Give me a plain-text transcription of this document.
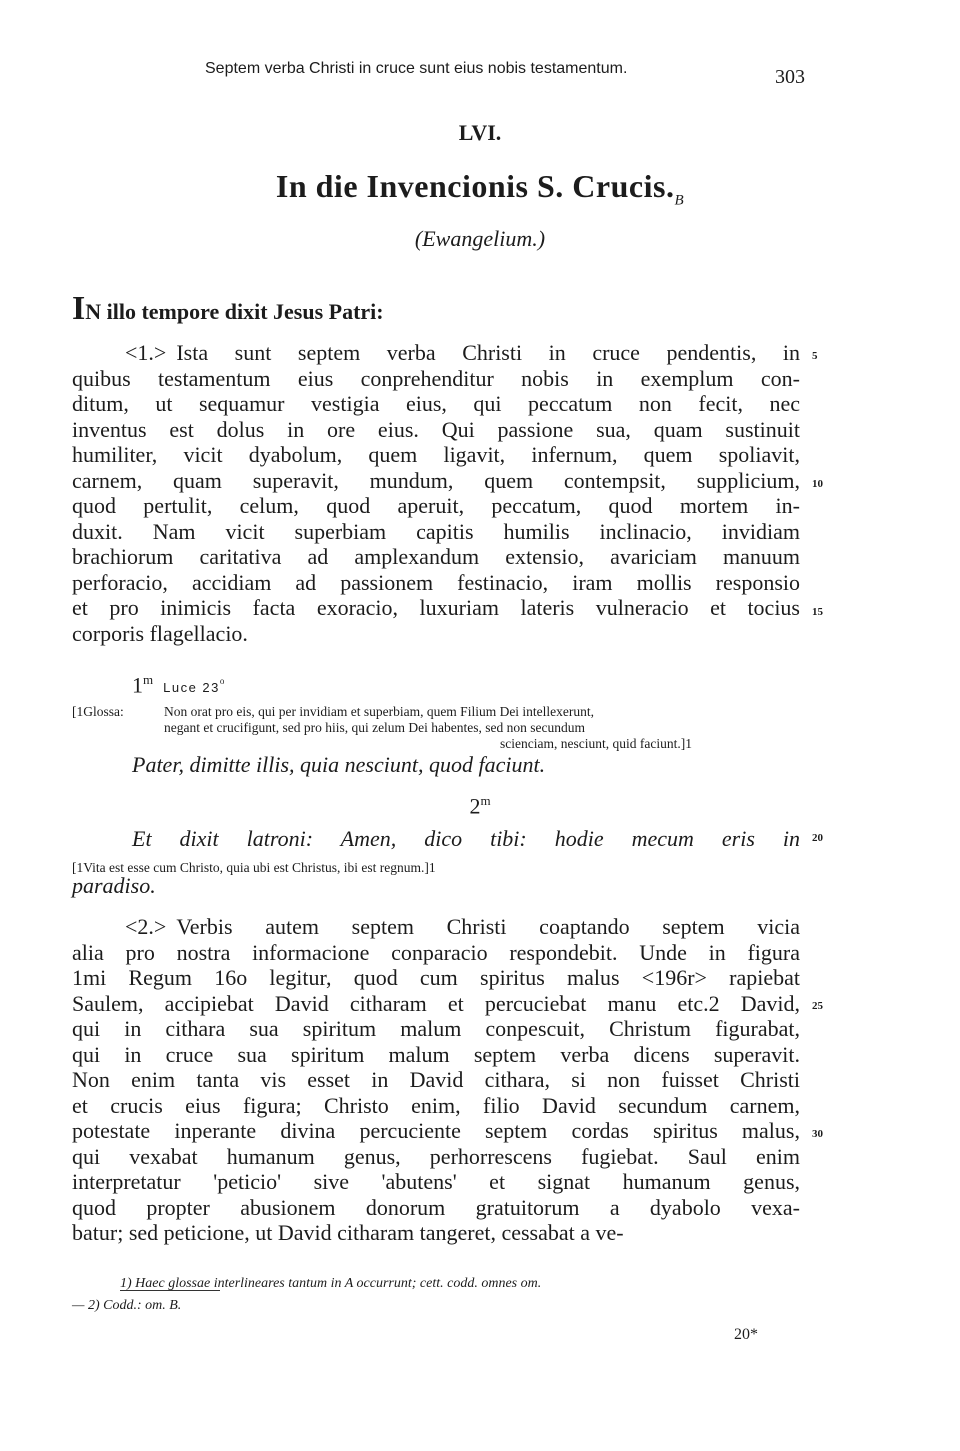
Septem verba Christi in cruce sunt eius nobis testamentum.	303
LVI.
In die Invencionis S. $Crucis._B$
(Ewangelium.)
IN illo tempore dixit Jesus Patri:
<1.> Ista sunt septem verba Christi in cruce pendentis, in
quibus testamentum eius conprehenditur nobis in exemplum con-
ditum, ut sequamur vestigia eius, qui peccatum non fecit, nec
inventus est dolus in ore eius. Qui passione sua, quam sustinuit
humiliter, vicit dyabolum, quem ligavit, infernum, quem spoliavit,
carnem, quam superavit, mundum, quem contempsit, supplicium,
quod pertulit, celum, quod aperuit, peccatum, quod mortem in-
duxit. Nam vicit superbiam capitis humilis inclinacio, invidiam
brachiorum caritativa ad amplexandum extensio, avariciam manuum
perforacio, accidiam ad passionem festinacio, iram mollis responsio
et pro inimicis facta exoracio, luxuriam lateris vulneracio et tocius
corporis flagellacio.
1$^m$Luce 23$^o$
[1Glossa:	Non orat pro eis, qui per invidiam et superbiam, quem Filium Dei intellexerunt,
negant et crucifigunt, sed pro hiis, qui zelum Dei habentes, sed non secundum
scienciam, nesciunt, quid faciunt.]1
Pater, dimitte illis, quia nesciunt, quod faciunt.
2$^m$
Et dixit latroni: Amen, dico tibi: hodie mecum eris in
[1Vita est esse cum Christo, quia ubi est Christus, ibi est regnum.]1
paradiso.
<2.> Verbis autem septem Christi coaptando septem vicia
alia pro nostra informacione conparacio respondebit. Unde in figura
1mi Regum 16o legitur, quod cum spiritus malus <196r> rapiebat
Saulem, accipiebat David citharam et percuciebat manu etc.2 David,
qui in cithara sua spiritum malum conpescuit, Christum figurabat,
qui in cruce sua spiritum malum septem verba dicens superavit.
Non enim tanta vis esset in David cithara, si non fuisset Christi
et crucis eius figura; Christo enim, filio David secundum carnem,
potestate inperante divina percuciente septem cordas spiritus malus,
qui vexabat humanum genus, perhorrescens fugiebat. Saul enim
interpretatur 'peticio' sive 'abutens' et signat humanum genus,
quod propter abusionem donorum gratuitorum a dyabolo vexa-
batur; sed peticione, ut David citharam tangeret, cessabat a ve-
5
10
15
20
25
30
1) Haec glossae interlineares tantum in A occurrunt; cett. codd. omnes om.
— 2) Codd.: om. B.
20*
